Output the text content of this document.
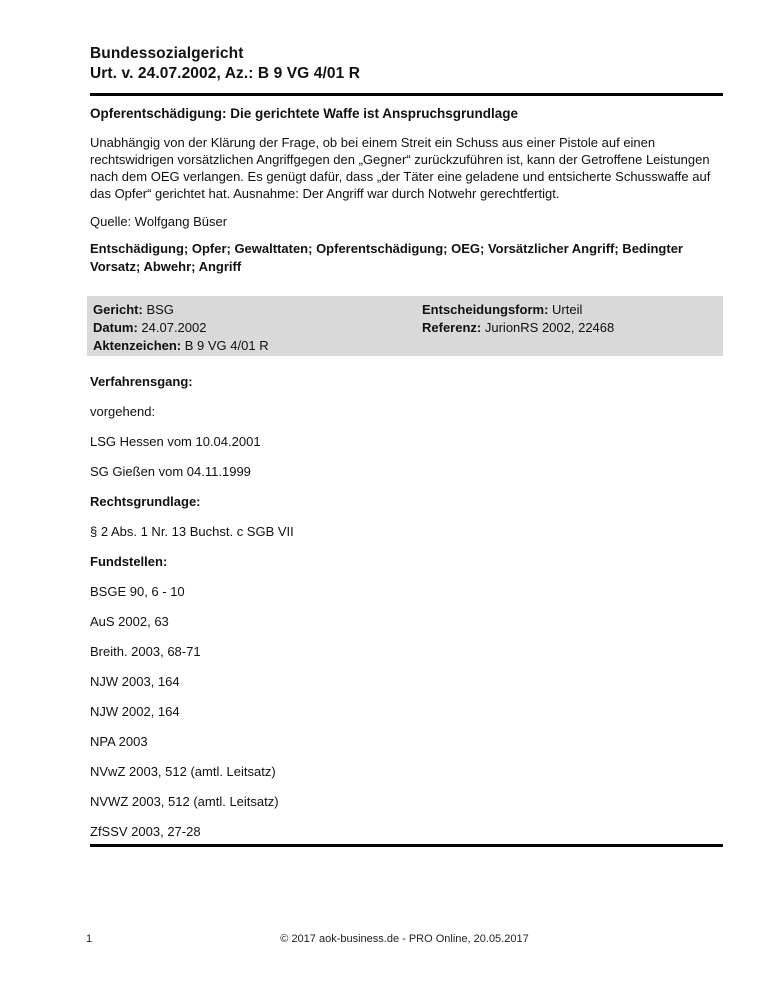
Bundessozialgericht
Urt. v. 24.07.2002, Az.: B 9 VG 4/01 R

Opferentschädigung: Die gerichtete Waffe ist Anspruchsgrundlage

Unabhängig von der Klärung der Frage, ob bei einem Streit ein Schuss aus einer Pistole auf einen rechtswidrigen vorsätzlichen Angriffgegen den „Gegner“ zurückzuführen ist, kann der Getroffene Leistungen nach dem OEG verlangen. Es genügt dafür, dass „der Täter eine geladene und entsicherte Schusswaffe auf das Opfer“ gerichtet hat. Ausnahme: Der Angriff war durch Notwehr gerechtfertigt.

Quelle: Wolfgang Büser

Entschädigung; Opfer; Gewalttaten; Opferentschädigung; OEG; Vorsätzlicher Angriff; Bedingter Vorsatz; Abwehr; Angriff

Gericht: BSG
Datum: 24.07.2002
Aktenzeichen: B 9 VG 4/01 R
Entscheidungsform: Urteil
Referenz: JurionRS 2002, 22468

Verfahrensgang:

vorgehend:

LSG Hessen vom 10.04.2001

SG Gießen vom 04.11.1999

Rechtsgrundlage:

§ 2 Abs. 1 Nr. 13 Buchst. c SGB VII

Fundstellen:

BSGE 90, 6 - 10

AuS 2002, 63

Breith. 2003, 68-71

NJW 2003, 164

NJW 2002, 164

NPA 2003

NVwZ 2003, 512 (amtl. Leitsatz)

NVWZ 2003, 512 (amtl. Leitsatz)

ZfSSV 2003, 27-28

1	© 2017 aok-business.de - PRO Online, 20.05.2017
